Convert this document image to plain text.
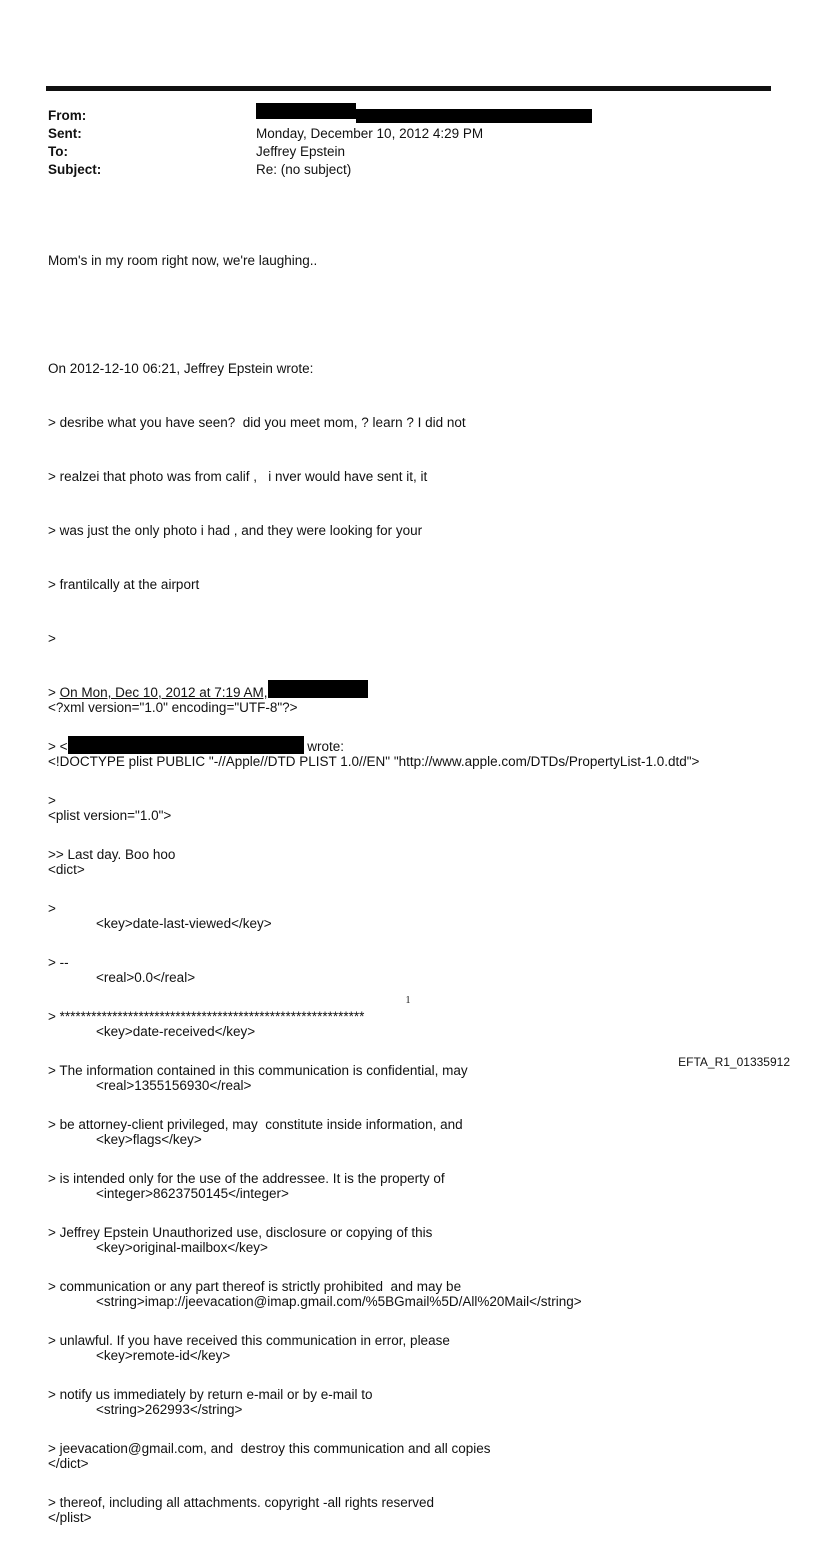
From:
Sent:	Monday, December 10, 2012 4:29 PM
To:	Jeffrey Epstein
Subject:	Re: (no subject)

Mom's in my room right now, we're laughing..

On 2012-12-10 06:21, Jeffrey Epstein wrote:

> desribe what you have seen?  did you meet mom, ? learn ? I did not

> realzei that photo was from calif ,   i nver would have sent it, it

> was just the only photo i had , and they were looking for your

> frantilcally at the airport

>

> On Mon, Dec 10, 2012 at 7:19 AM,

> <	wrote:

>

>> Last day. Boo hoo

>

> --

> **********************************************************

> The information contained in this communication is confidential, may

> be attorney-client privileged, may  constitute inside information, and

> is intended only for the use of the addressee. It is the property of

> Jeffrey Epstein Unauthorized use, disclosure or copying of this

> communication or any part thereof is strictly prohibited  and may be

> unlawful. If you have received this communication in error, please

> notify us immediately by return e-mail or by e-mail to

> jeevacation@gmail.com, and  destroy this communication and all copies

> thereof, including all attachments. copyright -all rights reserved

<?xml version="1.0" encoding="UTF-8"?>

<!DOCTYPE plist PUBLIC "-//Apple//DTD PLIST 1.0//EN" "http://www.apple.com/DTDs/PropertyList-1.0.dtd">

<plist version="1.0">

<dict>

<key>date-last-viewed</key>

<real>0.0</real>

<key>date-received</key>

<real>1355156930</real>

<key>flags</key>

<integer>8623750145</integer>

<key>original-mailbox</key>

<string>imap://jeevacation@imap.gmail.com/%5BGmail%5D/All%20Mail</string>

<key>remote-id</key>

<string>262993</string>

</dict>

</plist>

1
EFTA_R1_01335912
